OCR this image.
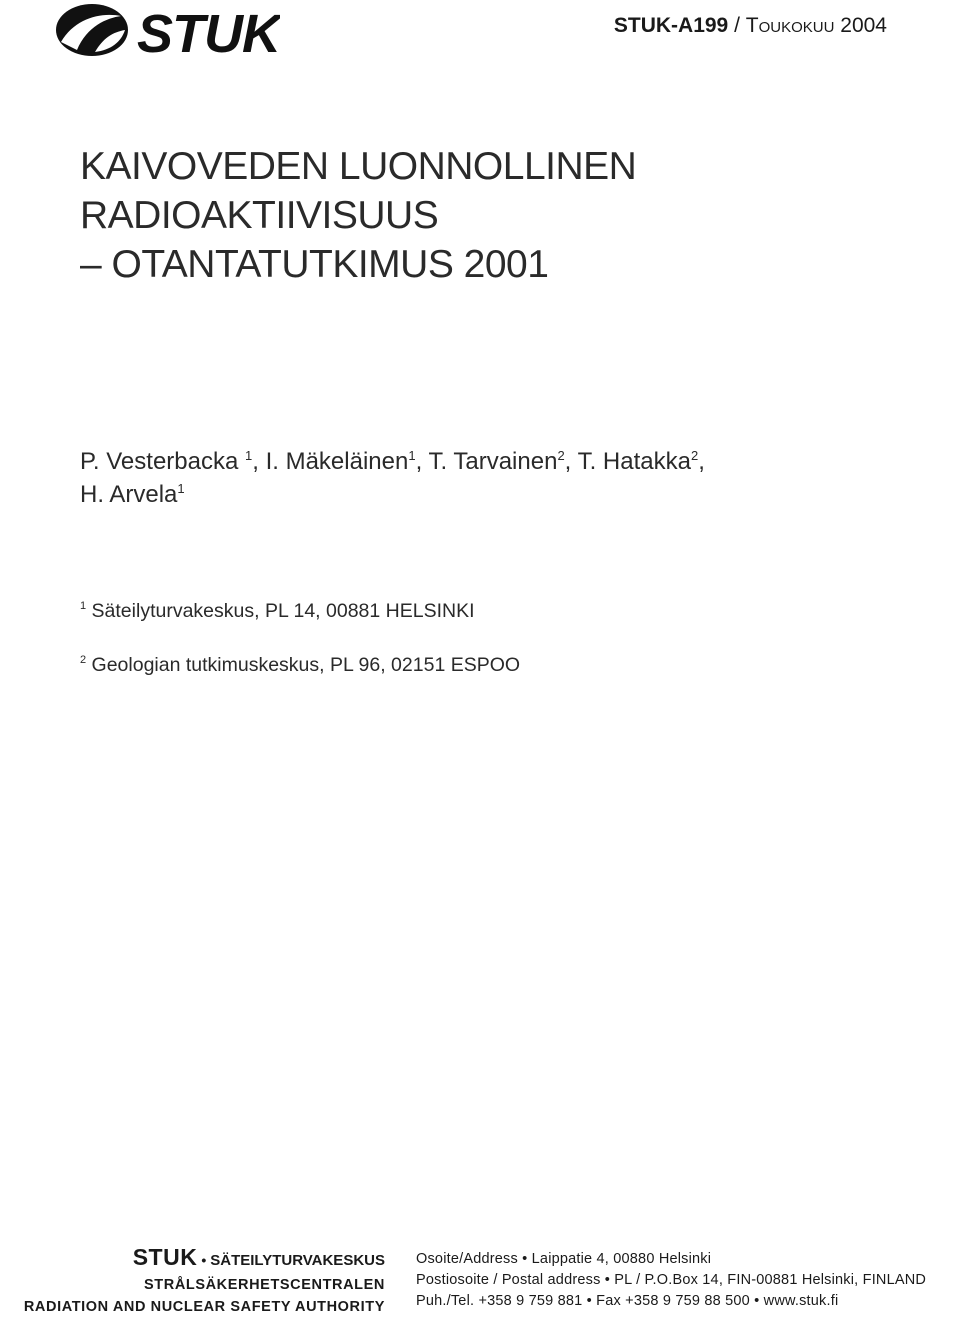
STUK	STUK-A199 / Toukokuu 2004
KAIVOVEDEN LUONNOLLINEN
RADIOAKTIIVISUUS
– OTANTATUTKIMUS 2001
P. Vesterbacka $^1$, I. Mäkeläinen$^1$, T. Tarvainen$^2$, T. Hatakka$^2$,
H. Arvela$^1$
$^1$ Säteilyturvakeskus, PL 14, 00881 HELSINKI
$^2$ Geologian tutkimuskeskus, PL 96, 02151 ESPOO
STUK • SÄTEILYTURVAKESKUS
STRÅLSÄKERHETSCENTRALEN
RADIATION AND NUCLEAR SAFETY AUTHORITY
Osoite/Address • Laippatie 4, 00880 Helsinki
Postiosoite / Postal address • PL / P.O.Box 14, FIN-00881 Helsinki, FINLAND
Puh./Tel. +358 9 759 881 • Fax +358 9 759 88 500 • www.stuk.fi
